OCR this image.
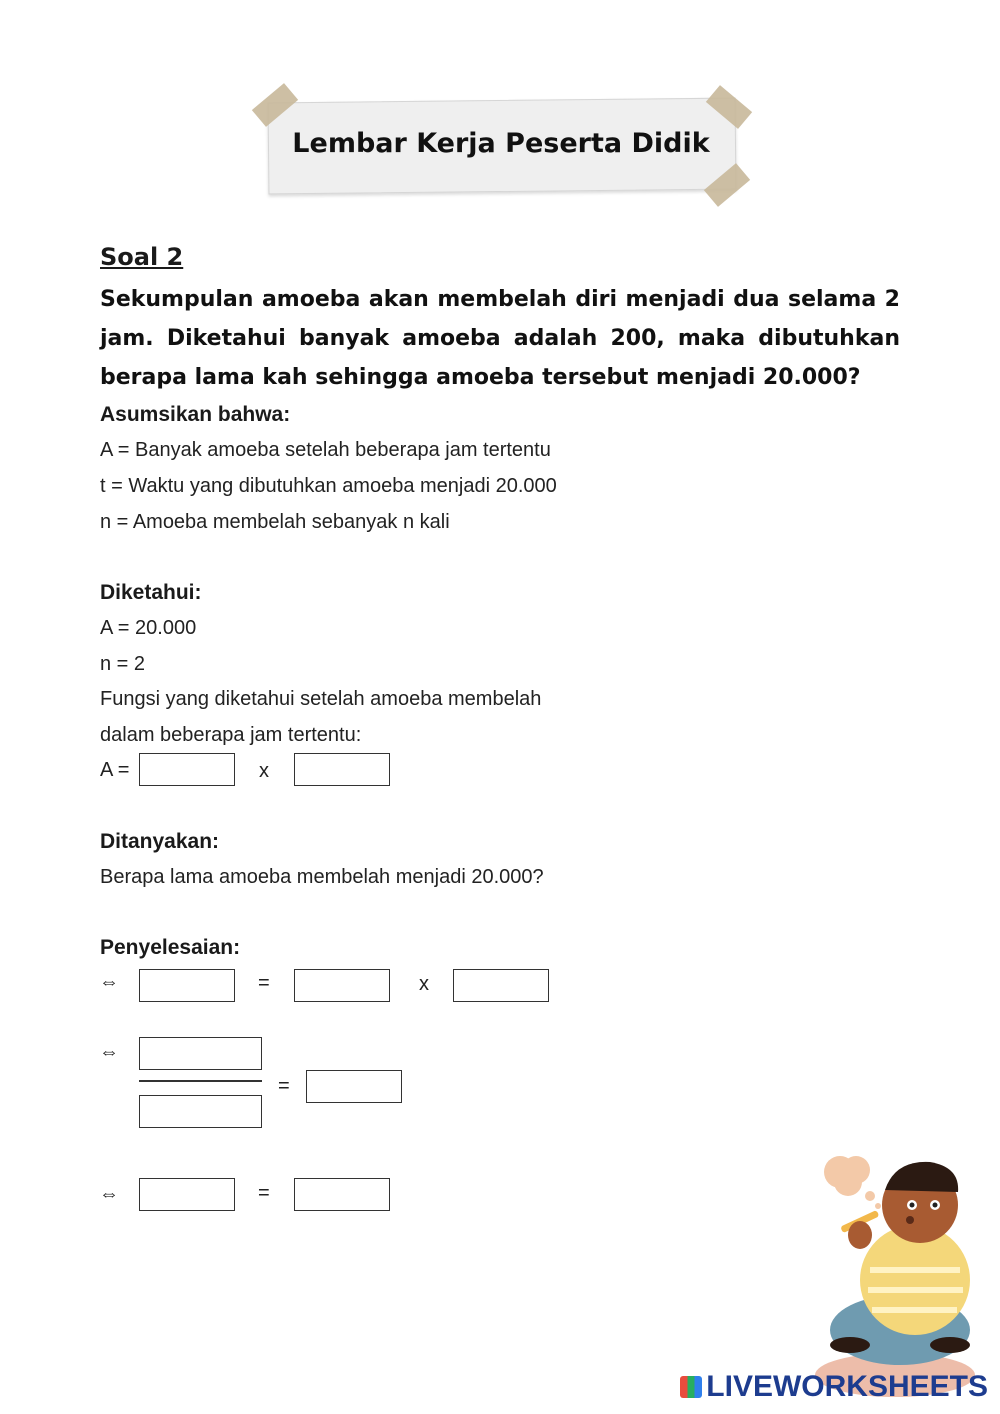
Lembar Kerja Peserta Didik
Soal 2
Sekumpulan amoeba akan membelah diri menjadi dua selama 2 jam. Diketahui banyak amoeba adalah 200, maka dibutuhkan berapa lama kah sehingga amoeba tersebut menjadi 20.000?
Asumsikan bahwa:
A = Banyak amoeba setelah beberapa jam tertentu
t = Waktu yang dibutuhkan amoeba menjadi 20.000
n = Amoeba membelah sebanyak n kali
Diketahui:
A = 20.000
n = 2
Fungsi yang diketahui setelah amoeba membelah
dalam beberapa jam tertentu:
A =	x
Ditanyakan:
Berapa lama amoeba membelah menjadi 20.000?
Penyelesaian:
⇔	=	x
⇔
=
⇔	=
LIVEWORKSHEETS
